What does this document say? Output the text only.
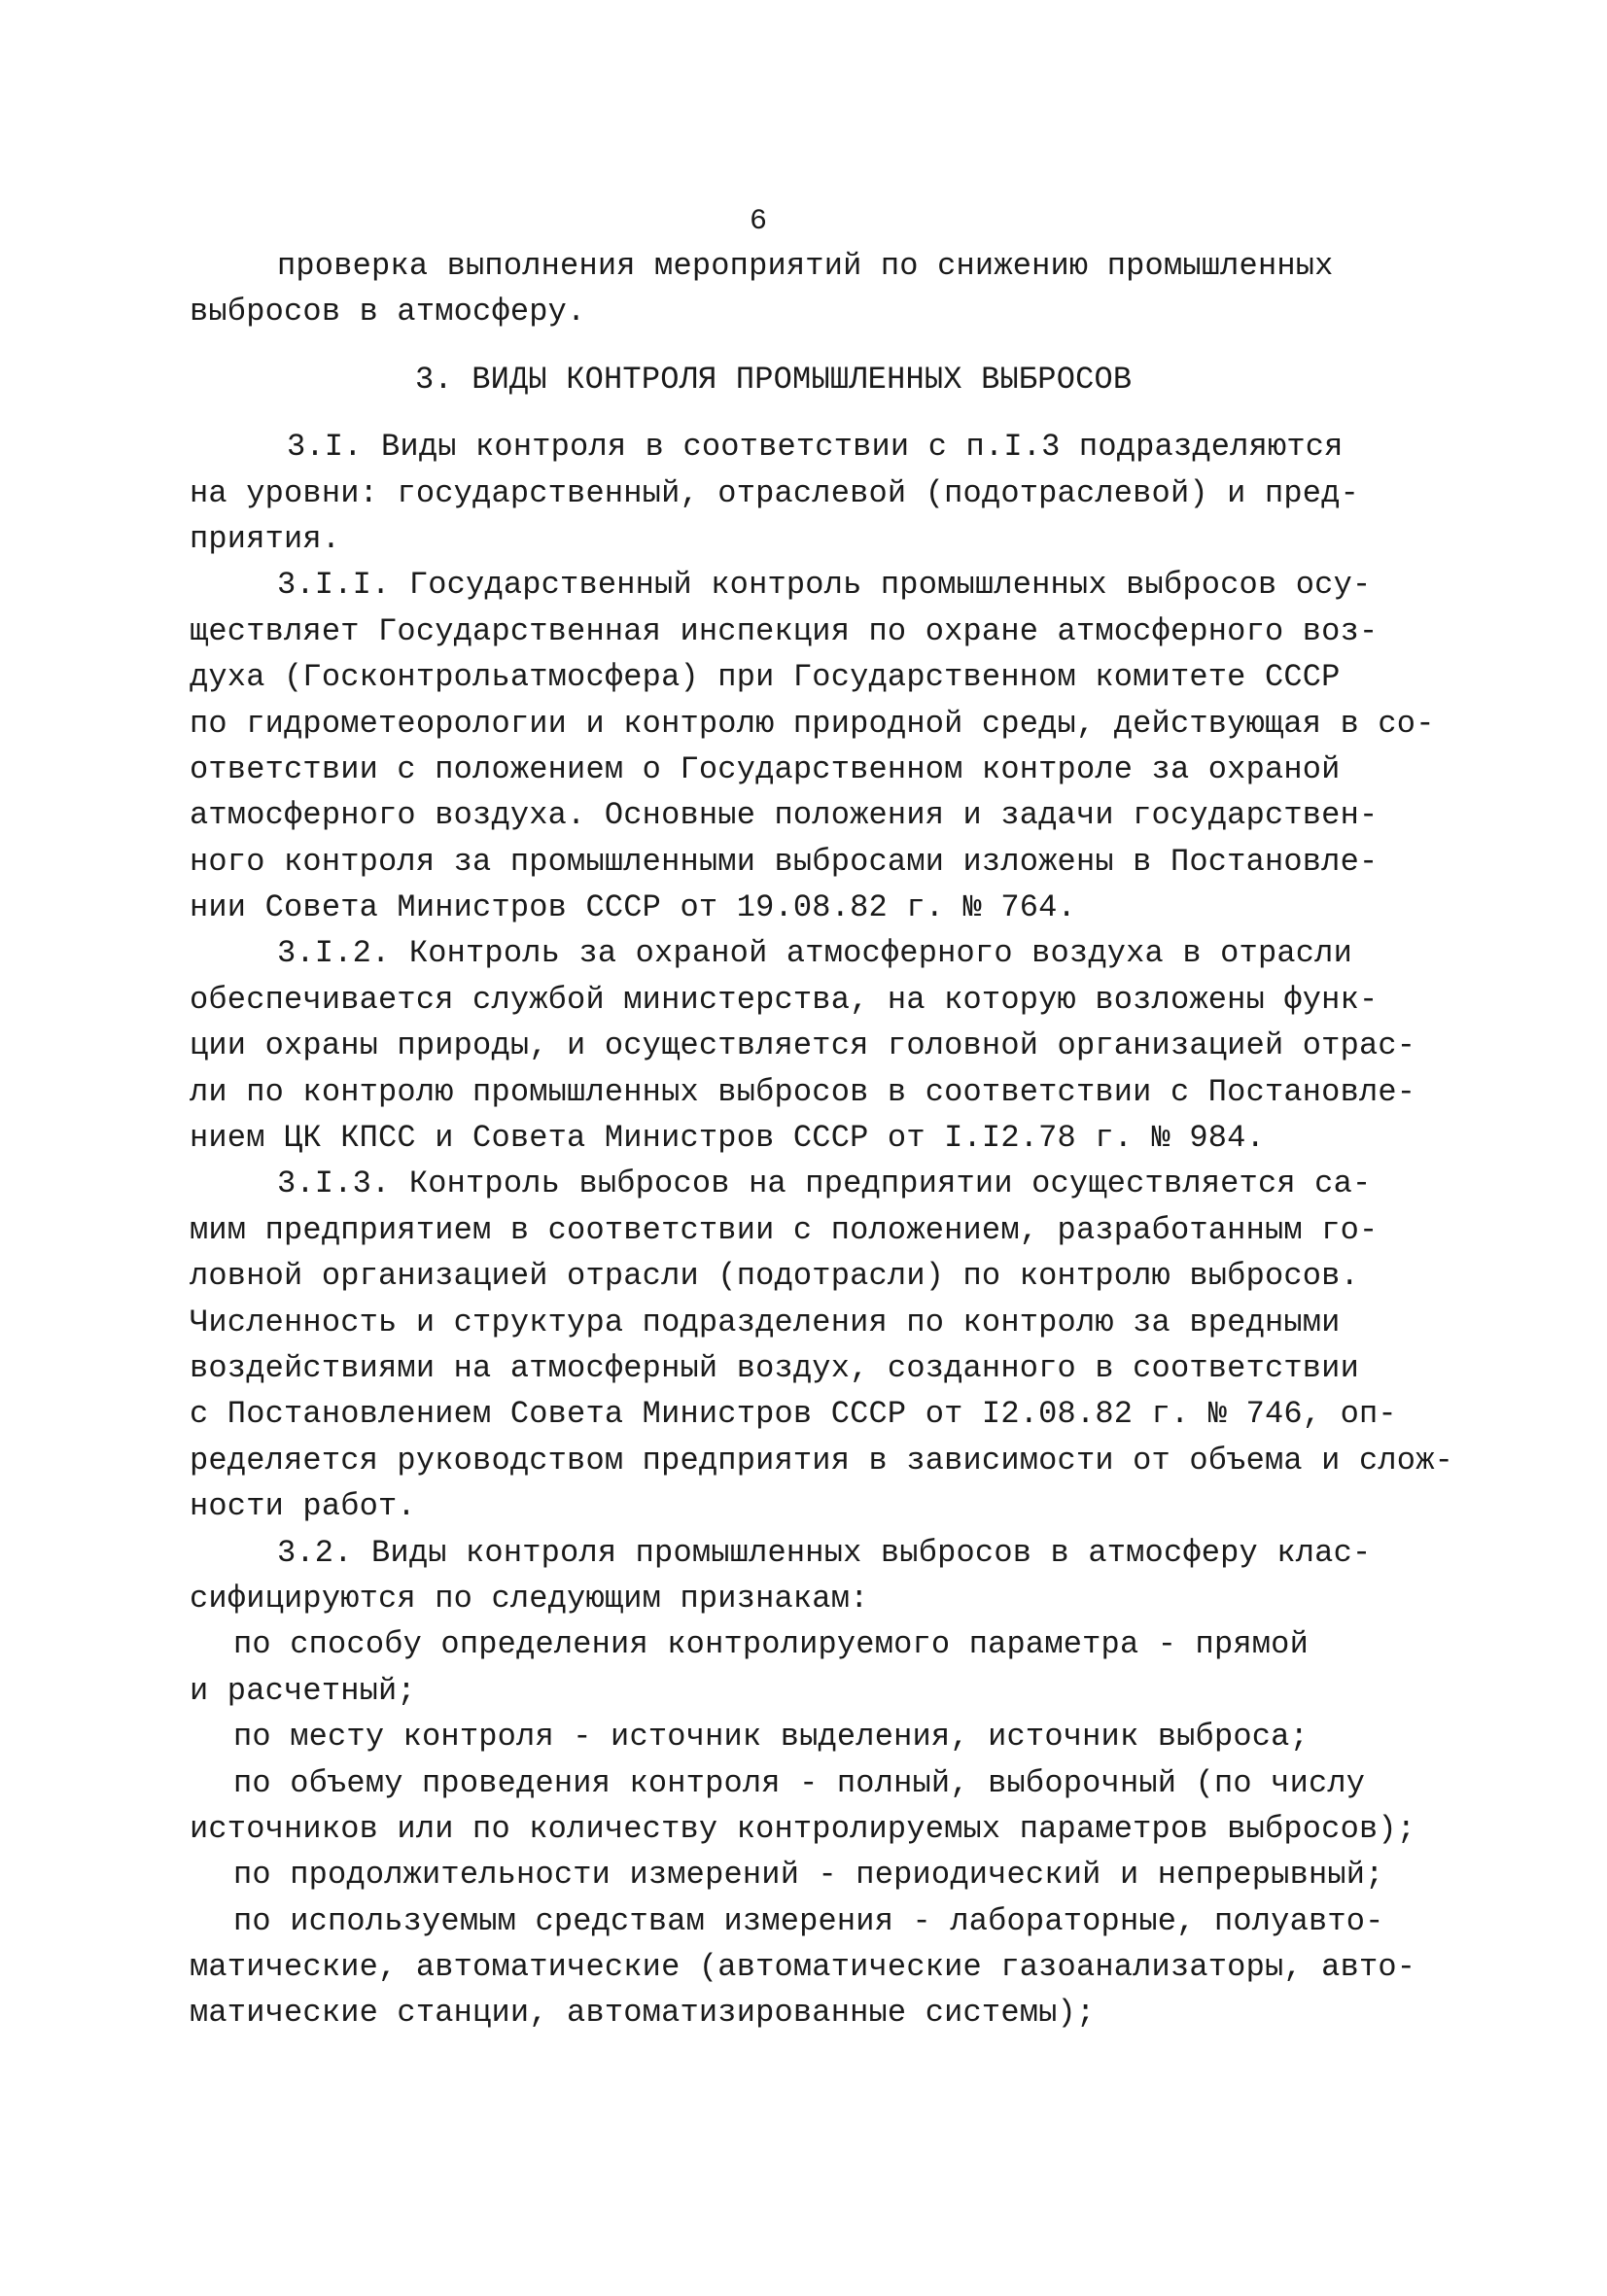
6
проверка выполнения мероприятий по снижению промышленных
выбросов в атмосферу.
3. ВИДЫ КОНТРОЛЯ ПРОМЫШЛЕННЫХ ВЫБРОСОВ
3.I. Виды контроля в соответствии с п.I.3 подразделяются
на уровни: государственный, отраслевой (подотраслевой) и пред-
приятия.
3.I.I. Государственный контроль промышленных выбросов осу-
ществляет Государственная инспекция по охране атмосферного воз-
духа (Госконтрольатмосфера) при Государственном комитете СССР
по гидрометеорологии и контролю природной среды, действующая в со-
ответствии с положением о Государственном контроле за охраной
атмосферного воздуха. Основные положения и задачи государствен-
ного контроля за промышленными выбросами изложены в Постановле-
нии Совета Министров СССР от 19.08.82 г. № 764.
3.I.2. Контроль за охраной атмосферного воздуха в отрасли
обеспечивается службой министерства, на которую возложены функ-
ции охраны природы, и осуществляется головной организацией отрас-
ли по контролю промышленных выбросов в соответствии с Постановле-
нием ЦК КПСС и Совета Министров СССР от I.I2.78 г. № 984.
3.I.3. Контроль выбросов на предприятии осуществляется са-
мим предприятием в соответствии с положением, разработанным го-
ловной организацией отрасли (подотрасли) по контролю выбросов.
Численность и структура подразделения по контролю за вредными
воздействиями на атмосферный воздух, созданного в соответствии
с Постановлением Совета Министров СССР от I2.08.82 г. № 746, оп-
ределяется руководством предприятия в зависимости от объема и слож-
ности работ.
3.2. Виды контроля промышленных выбросов в атмосферу клас-
сифицируются по следующим признакам:
по способу определения контролируемого параметра - прямой
и расчетный;
по месту контроля - источник выделения, источник выброса;
по объему проведения контроля - полный, выборочный (по числу
источников или по количеству контролируемых параметров выбросов);
по продолжительности измерений - периодический и непрерывный;
по используемым средствам измерения - лабораторные, полуавто-
матические, автоматические (автоматические газоанализаторы, авто-
матические станции, автоматизированные системы);
